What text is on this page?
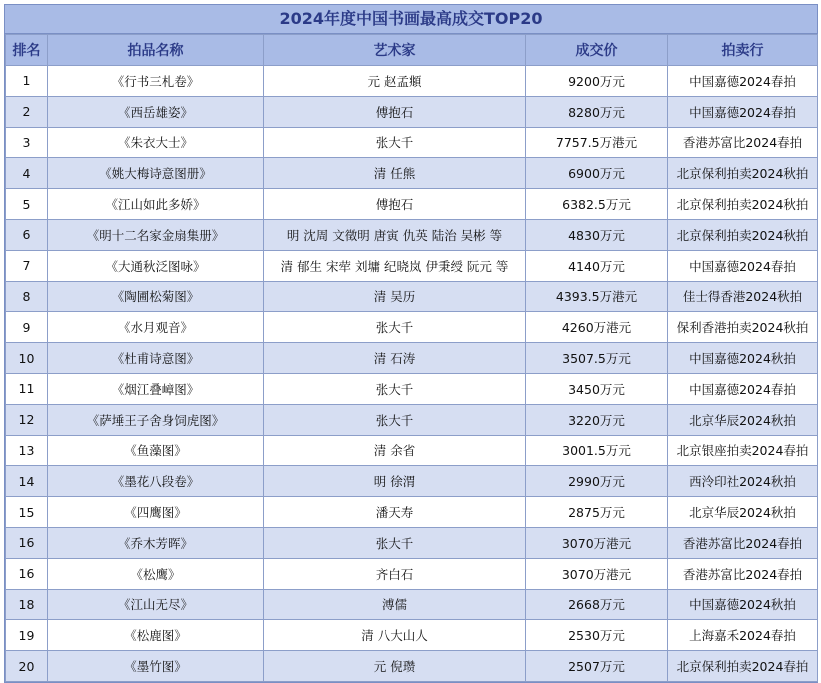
2024年度中国书画最高成交TOP20
排名	拍品名称	艺术家	成交价	拍卖行
1	《行书三札卷》	元 赵孟頫	9200万元	中国嘉德2024春拍
2	《西岳雄姿》	傅抱石	8280万元	中国嘉德2024春拍
3	《朱衣大士》	张大千	7757.5万港元	香港苏富比2024春拍
4	《姚大梅诗意图册》	清 任熊	6900万元	北京保利拍卖2024秋拍
5	《江山如此多娇》	傅抱石	6382.5万元	北京保利拍卖2024秋拍
6	《明十二名家金扇集册》	明 沈周 文徵明 唐寅 仇英 陆治 吴彬 等	4830万元	北京保利拍卖2024秋拍
7	《大通秋泛图咏》	清 郁生 宋荦 刘墉 纪晓岚 伊秉绶 阮元 等	4140万元	中国嘉德2024春拍
8	《陶圃松菊图》	清 吴历	4393.5万港元	佳士得香港2024秋拍
9	《水月观音》	张大千	4260万港元	保利香港拍卖2024秋拍
10	《杜甫诗意图》	清 石涛	3507.5万元	中国嘉德2024秋拍
11	《烟江叠嶂图》	张大千	3450万元	中国嘉德2024春拍
12	《萨埵王子舍身饲虎图》	张大千	3220万元	北京华辰2024秋拍
13	《鱼藻图》	清 余省	3001.5万元	北京银座拍卖2024春拍
14	《墨花八段卷》	明 徐渭	2990万元	西泠印社2024秋拍
15	《四鹰图》	潘天寿	2875万元	北京华辰2024秋拍
16	《乔木芳晖》	张大千	3070万港元	香港苏富比2024春拍
16	《松鹰》	齐白石	3070万港元	香港苏富比2024春拍
18	《江山无尽》	溥儒	2668万元	中国嘉德2024秋拍
19	《松鹿图》	清 八大山人	2530万元	上海嘉禾2024春拍
20	《墨竹图》	元 倪瓒	2507万元	北京保利拍卖2024春拍
